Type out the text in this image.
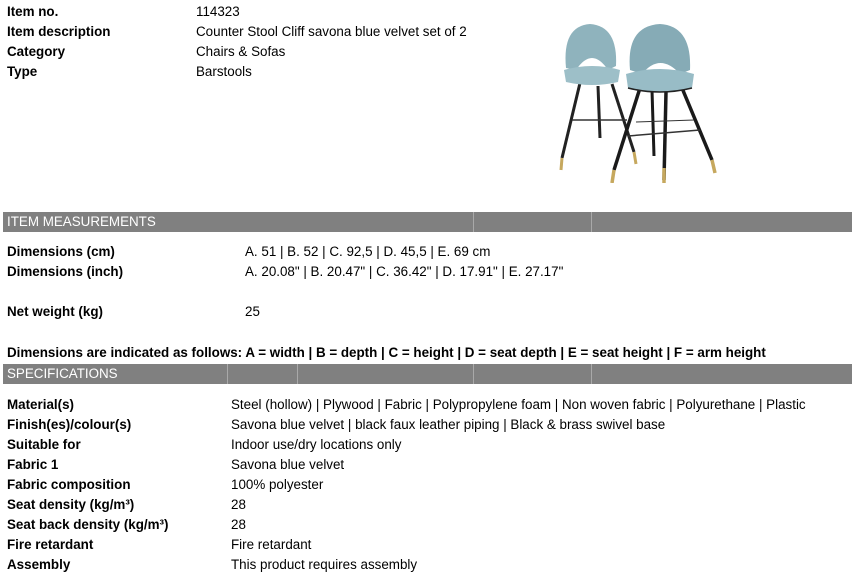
Item no.	114323
Item description	Counter Stool Cliff savona blue velvet set of 2
Category	Chairs & Sofas
Type	Barstools
ITEM MEASUREMENTS
Dimensions (cm)	A. 51 | B. 52 | C. 92,5 | D. 45,5 | E. 69 cm
Dimensions (inch)	A. 20.08" | B. 20.47" | C. 36.42" | D. 17.91" | E. 27.17"
Net weight (kg)	25
Dimensions are indicated as follows: A = width | B = depth | C = height | D = seat depth | E = seat height | F = arm height
SPECIFICATIONS
Material(s)	Steel (hollow) | Plywood | Fabric | Polypropylene foam | Non woven fabric | Polyurethane | Plastic
Finish(es)/colour(s)	Savona blue velvet | black faux leather piping | Black & brass swivel base
Suitable for	Indoor use/dry locations only
Fabric 1	Savona blue velvet
Fabric composition	100% polyester
Seat density (kg/m³)	28
Seat back density (kg/m³)	28
Fire retardant	Fire retardant
Assembly	This product requires assembly
